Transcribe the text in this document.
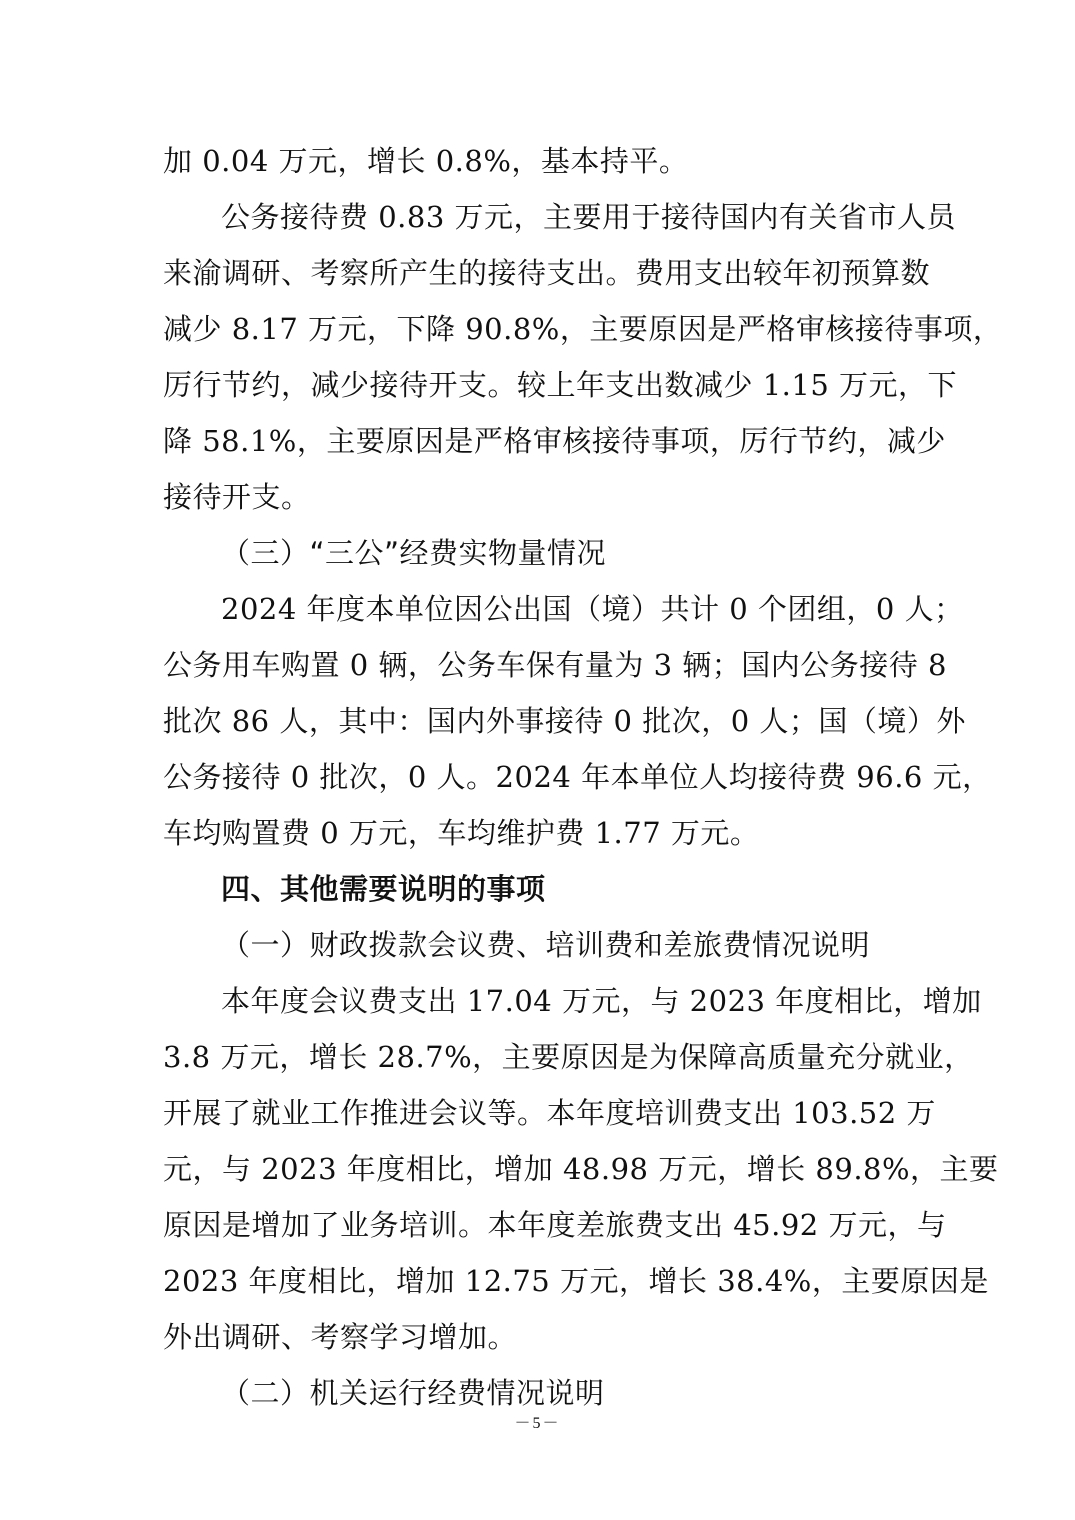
加 0.04 万元，增长 0.8%，基本持平。
公务接待费 0.83 万元，主要用于接待国内有关省市人员
来渝调研、考察所产生的接待支出。费用支出较年初预算数
减少 8.17 万元，下降 90.8%，主要原因是严格审核接待事项，
厉行节约，减少接待开支。较上年支出数减少 1.15 万元，下
降 58.1%，主要原因是严格审核接待事项，厉行节约，减少
接待开支。
（三）“三公”经费实物量情况
2024 年度本单位因公出国（境）共计 0 个团组，0 人；
公务用车购置 0 辆，公务车保有量为 3 辆；国内公务接待 8
批次 86 人，其中：国内外事接待 0 批次，0 人；国（境）外
公务接待 0 批次，0 人。2024 年本单位人均接待费 96.6 元，
车均购置费 0 万元，车均维护费 1.77 万元。
四、其他需要说明的事项
（一）财政拨款会议费、培训费和差旅费情况说明
本年度会议费支出 17.04 万元，与 2023 年度相比，增加
3.8 万元，增长 28.7%，主要原因是为保障高质量充分就业，
开展了就业工作推进会议等。本年度培训费支出 103.52 万
元，与 2023 年度相比，增加 48.98 万元，增长 89.8%，主要
原因是增加了业务培训。本年度差旅费支出 45.92 万元，与
2023 年度相比，增加 12.75 万元，增长 38.4%，主要原因是
外出调研、考察学习增加。
（二）机关运行经费情况说明
－5－
